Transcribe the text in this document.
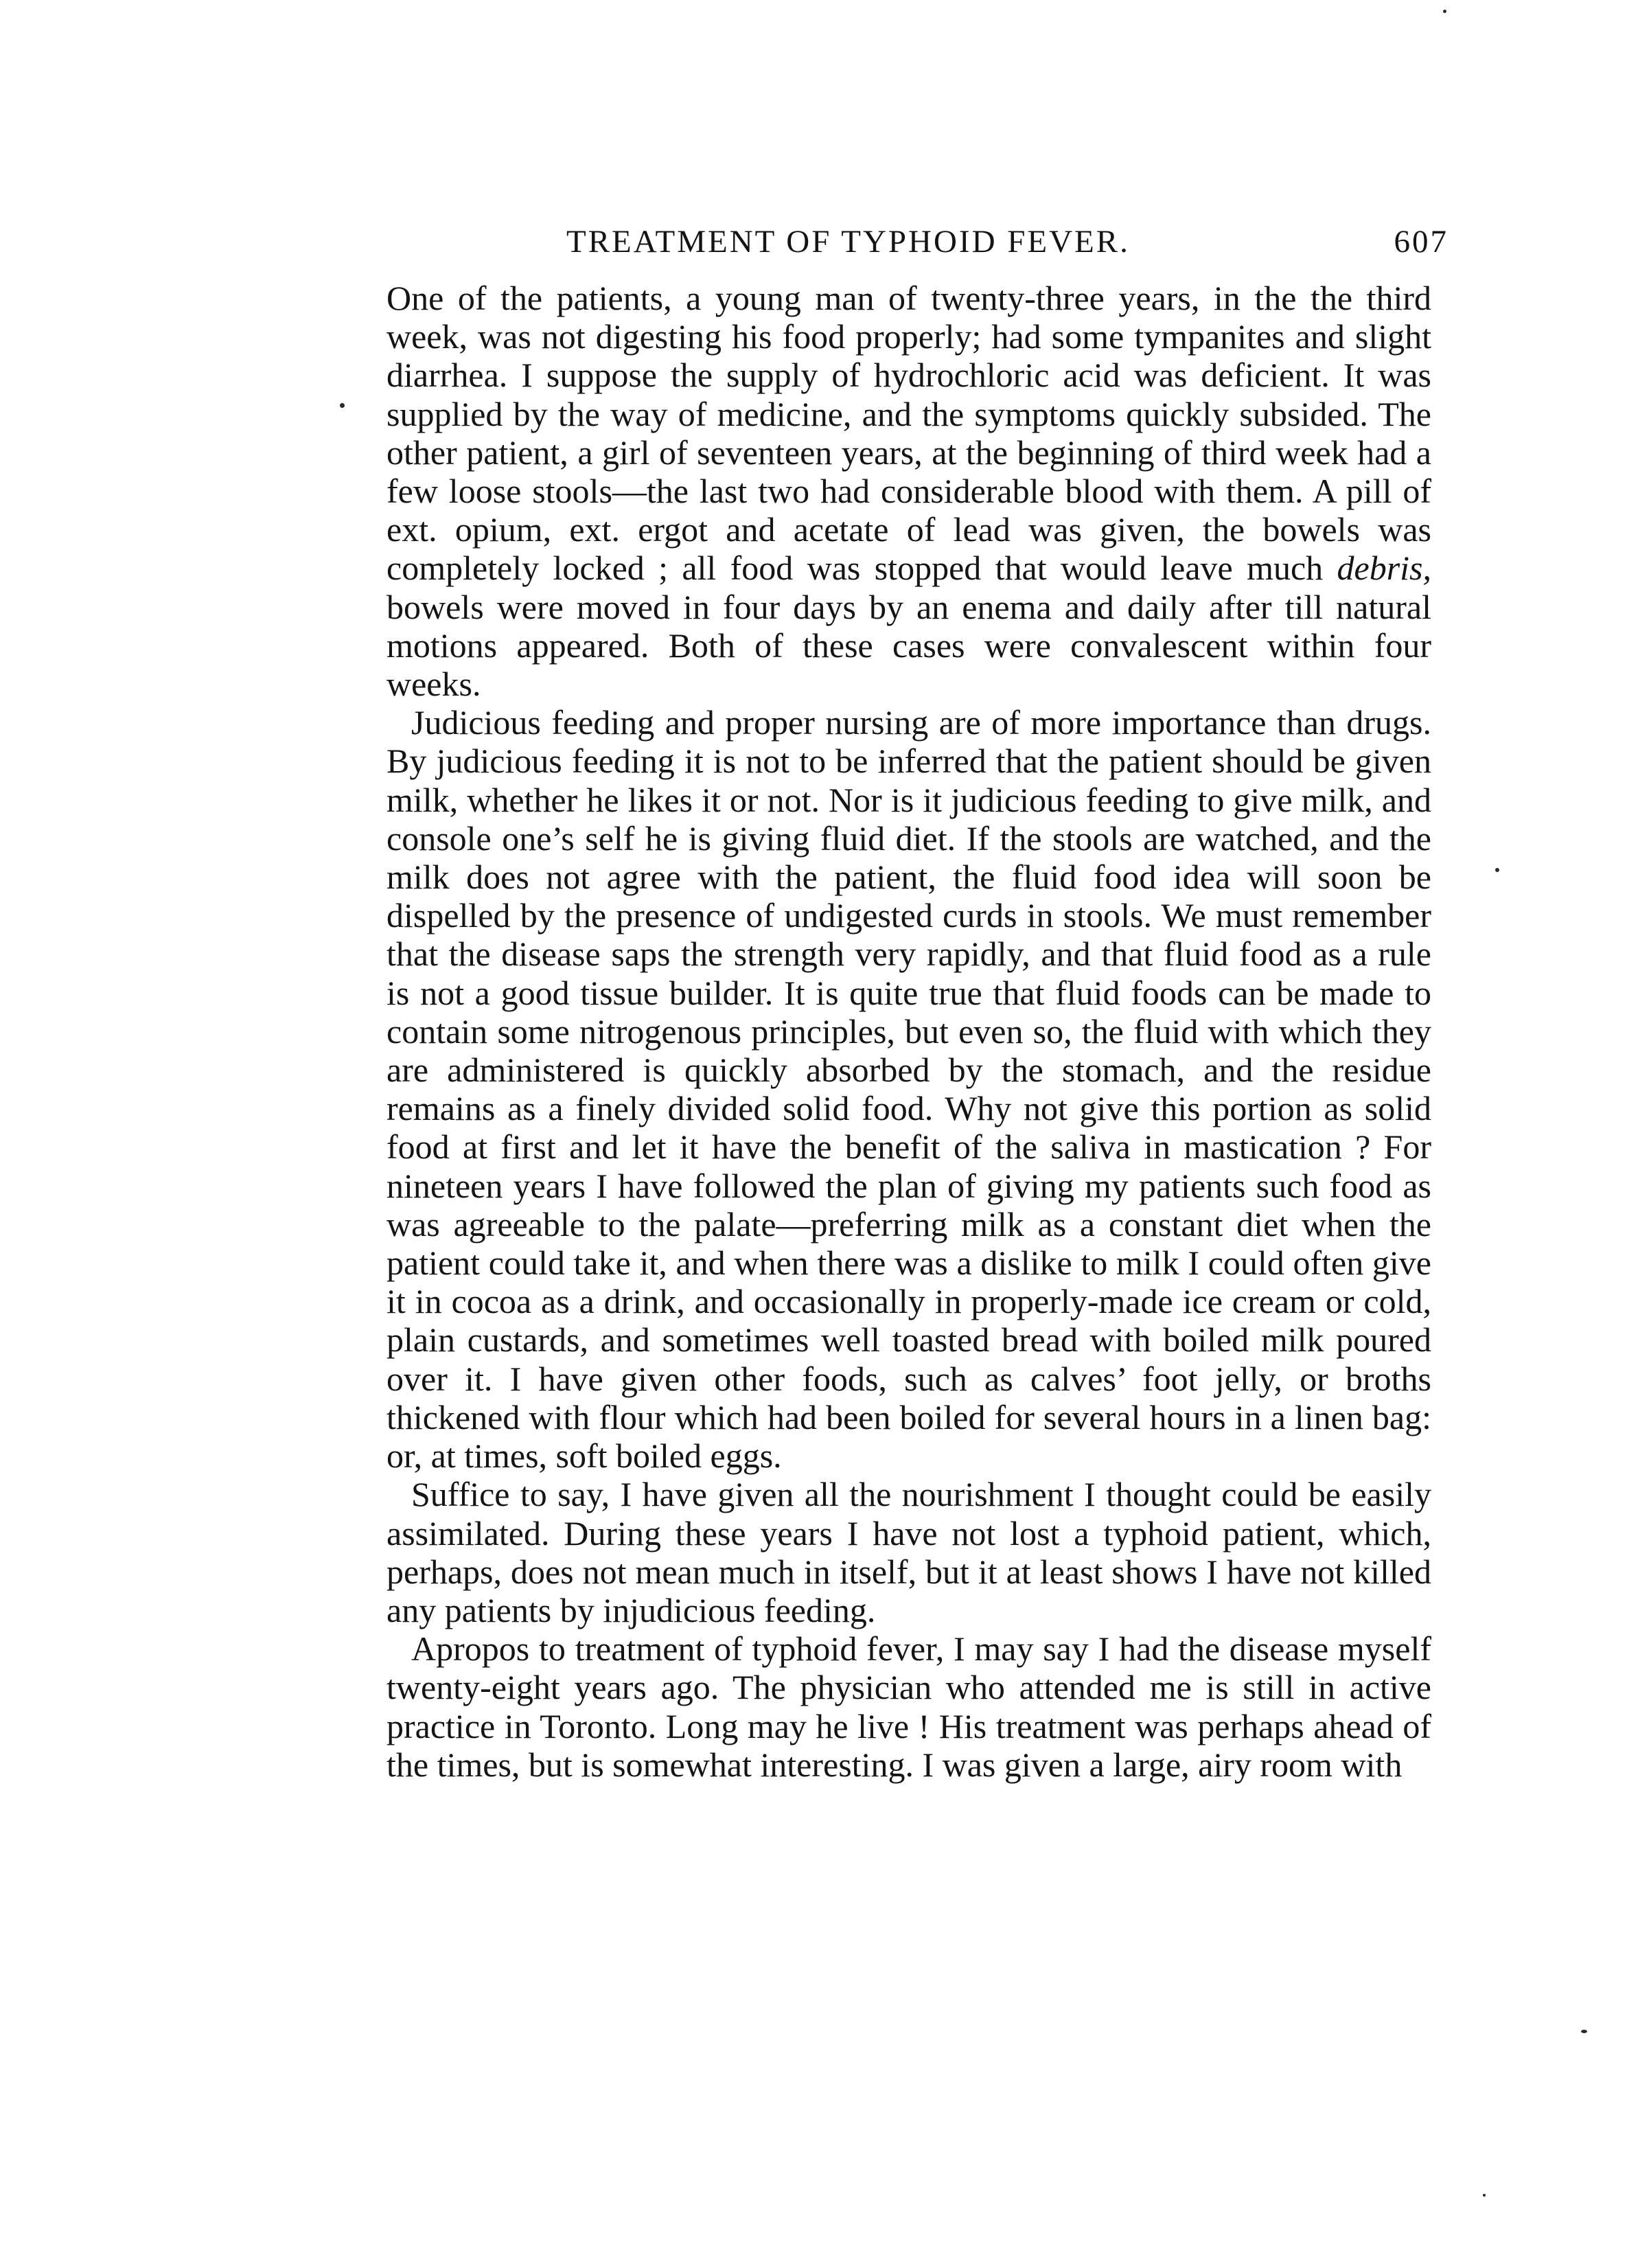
TREATMENT OF TYPHOID FEVER.	607

One of the patients, a young man of twenty-three years, in the the third week, was not digesting his food properly; had some tympanites and slight diarrhea. I suppose the supply of hydrochloric acid was deficient. It was supplied by the way of medicine, and the symptoms quickly subsided. The other patient, a girl of seventeen years, at the beginning of third week had a few loose stools—the last two had considerable blood with them. A pill of ext. opium, ext. ergot and acetate of lead was given, the bowels was completely locked ; all food was stopped that would leave much debris, bowels were moved in four days by an enema and daily after till natural motions appeared. Both of these cases were convalescent within four weeks.

Judicious feeding and proper nursing are of more importance than drugs. By judicious feeding it is not to be inferred that the patient should be given milk, whether he likes it or not. Nor is it judicious feeding to give milk, and console one’s self he is giving fluid diet. If the stools are watched, and the milk does not agree with the patient, the fluid food idea will soon be dispelled by the presence of undigested curds in stools. We must remember that the disease saps the strength very rapidly, and that fluid food as a rule is not a good tissue builder. It is quite true that fluid foods can be made to contain some nitrogenous principles, but even so, the fluid with which they are administered is quickly absorbed by the stomach, and the residue remains as a finely divided solid food. Why not give this portion as solid food at first and let it have the benefit of the saliva in mastication ? For nineteen years I have followed the plan of giving my patients such food as was agreeable to the palate—preferring milk as a constant diet when the patient could take it, and when there was a dislike to milk I could often give it in cocoa as a drink, and occasionally in properly-made ice cream or cold, plain custards, and sometimes well toasted bread with boiled milk poured over it. I have given other foods, such as calves’ foot jelly, or broths thickened with flour which had been boiled for several hours in a linen bag: or, at times, soft boiled eggs.

Suffice to say, I have given all the nourishment I thought could be easily assimilated. During these years I have not lost a typhoid patient, which, perhaps, does not mean much in itself, but it at least shows I have not killed any patients by injudicious feeding.

Apropos to treatment of typhoid fever, I may say I had the disease myself twenty-eight years ago. The physician who attended me is still in active practice in Toronto. Long may he live ! His treatment was perhaps ahead of the times, but is somewhat interesting. I was given a large, airy room with
